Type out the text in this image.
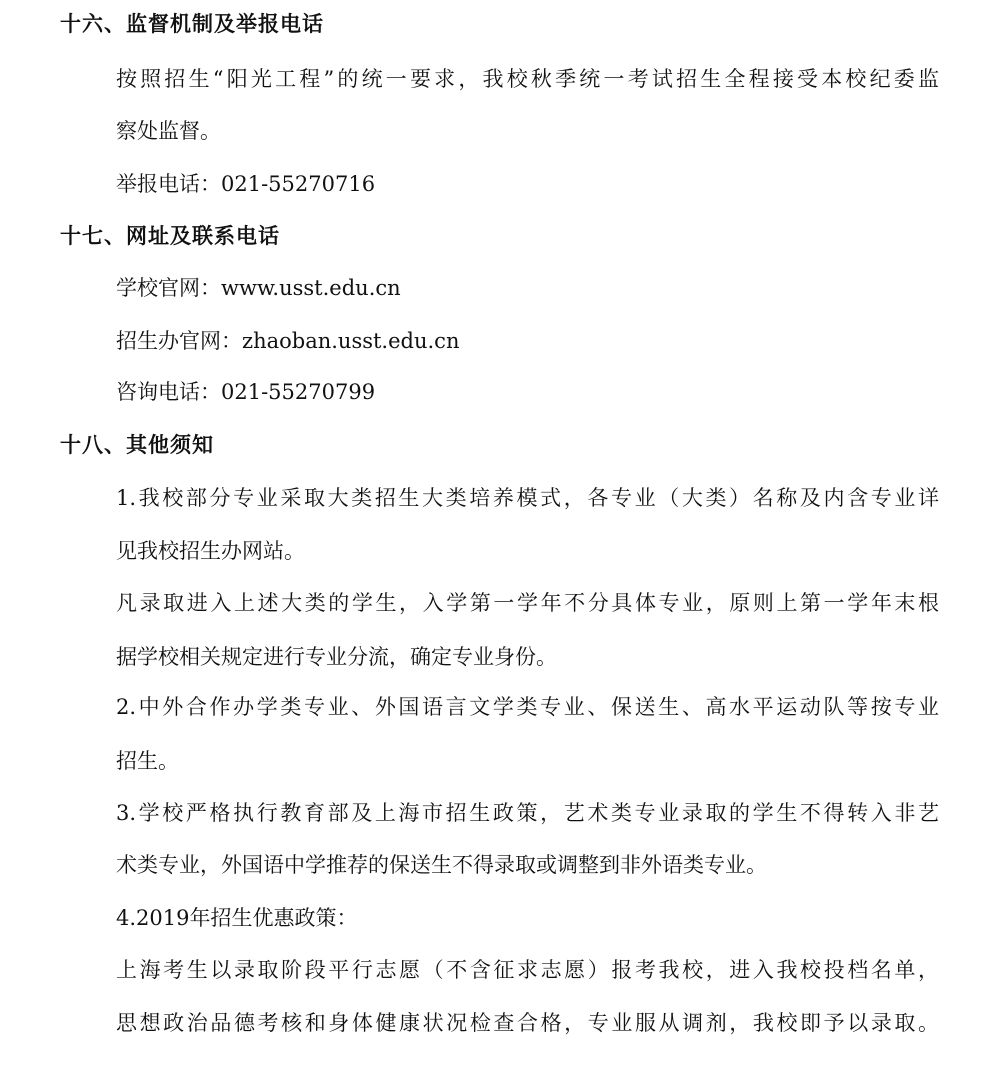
十六、监督机制及举报电话
按照招生“阳光工程”的统一要求，我校秋季统一考试招生全程接受本校纪委监
察处监督。
举报电话：021-55270716
十七、网址及联系电话
学校官网：www.usst.edu.cn
招生办官网：zhaoban.usst.edu.cn
咨询电话：021-55270799
十八、其他须知
1.我校部分专业采取大类招生大类培养模式，各专业（大类）名称及内含专业详
见我校招生办网站。
凡录取进入上述大类的学生，入学第一学年不分具体专业，原则上第一学年末根
据学校相关规定进行专业分流，确定专业身份。
2.中外合作办学类专业、外国语言文学类专业、保送生、高水平运动队等按专业
招生。
3.学校严格执行教育部及上海市招生政策，艺术类专业录取的学生不得转入非艺
术类专业，外国语中学推荐的保送生不得录取或调整到非外语类专业。
4.2019年招生优惠政策：
上海考生以录取阶段平行志愿（不含征求志愿）报考我校，进入我校投档名单，
思想政治品德考核和身体健康状况检查合格，专业服从调剂，我校即予以录取。
